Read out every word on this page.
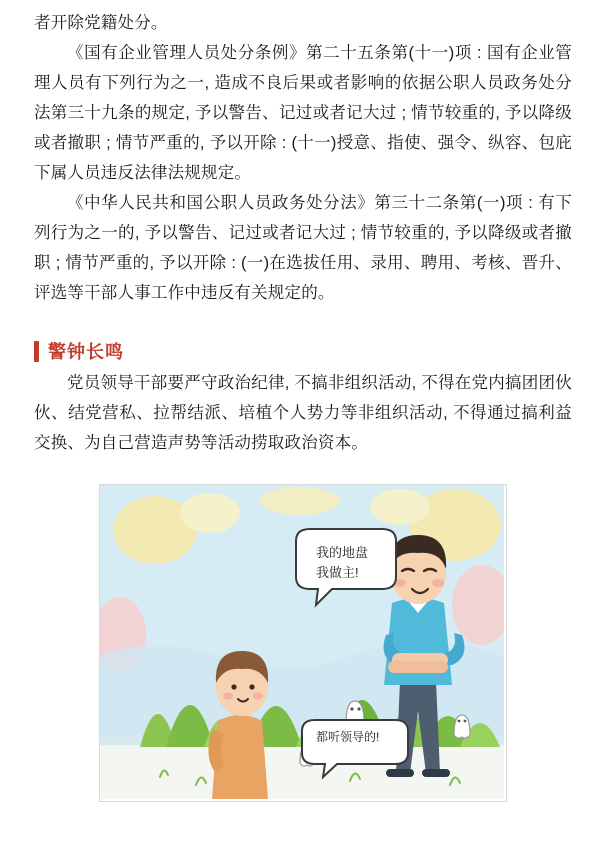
者开除党籍处分。

《国有企业管理人员处分条例》第二十五条第(十一)项 : 国有企业管理人员有下列行为之一, 造成不良后果或者影响的依据公职人员政务处分法第三十九条的规定, 予以警告、记过或者记大过 ; 情节较重的, 予以降级或者撤职 ; 情节严重的, 予以开除 : (十一)授意、指使、强令、纵容、包庇下属人员违反法律法规规定。

《中华人民共和国公职人员政务处分法》第三十二条第(一)项 : 有下列行为之一的, 予以警告、记过或者记大过 ; 情节较重的, 予以降级或者撤职 ; 情节严重的, 予以开除 : (一)在选拔任用、录用、聘用、考核、晋升、评选等干部人事工作中违反有关规定的。

警钟长鸣

党员领导干部要严守政治纪律, 不搞非组织活动, 不得在党内搞团团伙伙、结党营私、拉帮结派、培植个人势力等非组织活动, 不得通过搞利益交换、为自己营造声势等活动捞取政治资本。

我的地盘
我做主!
都听领导的!
